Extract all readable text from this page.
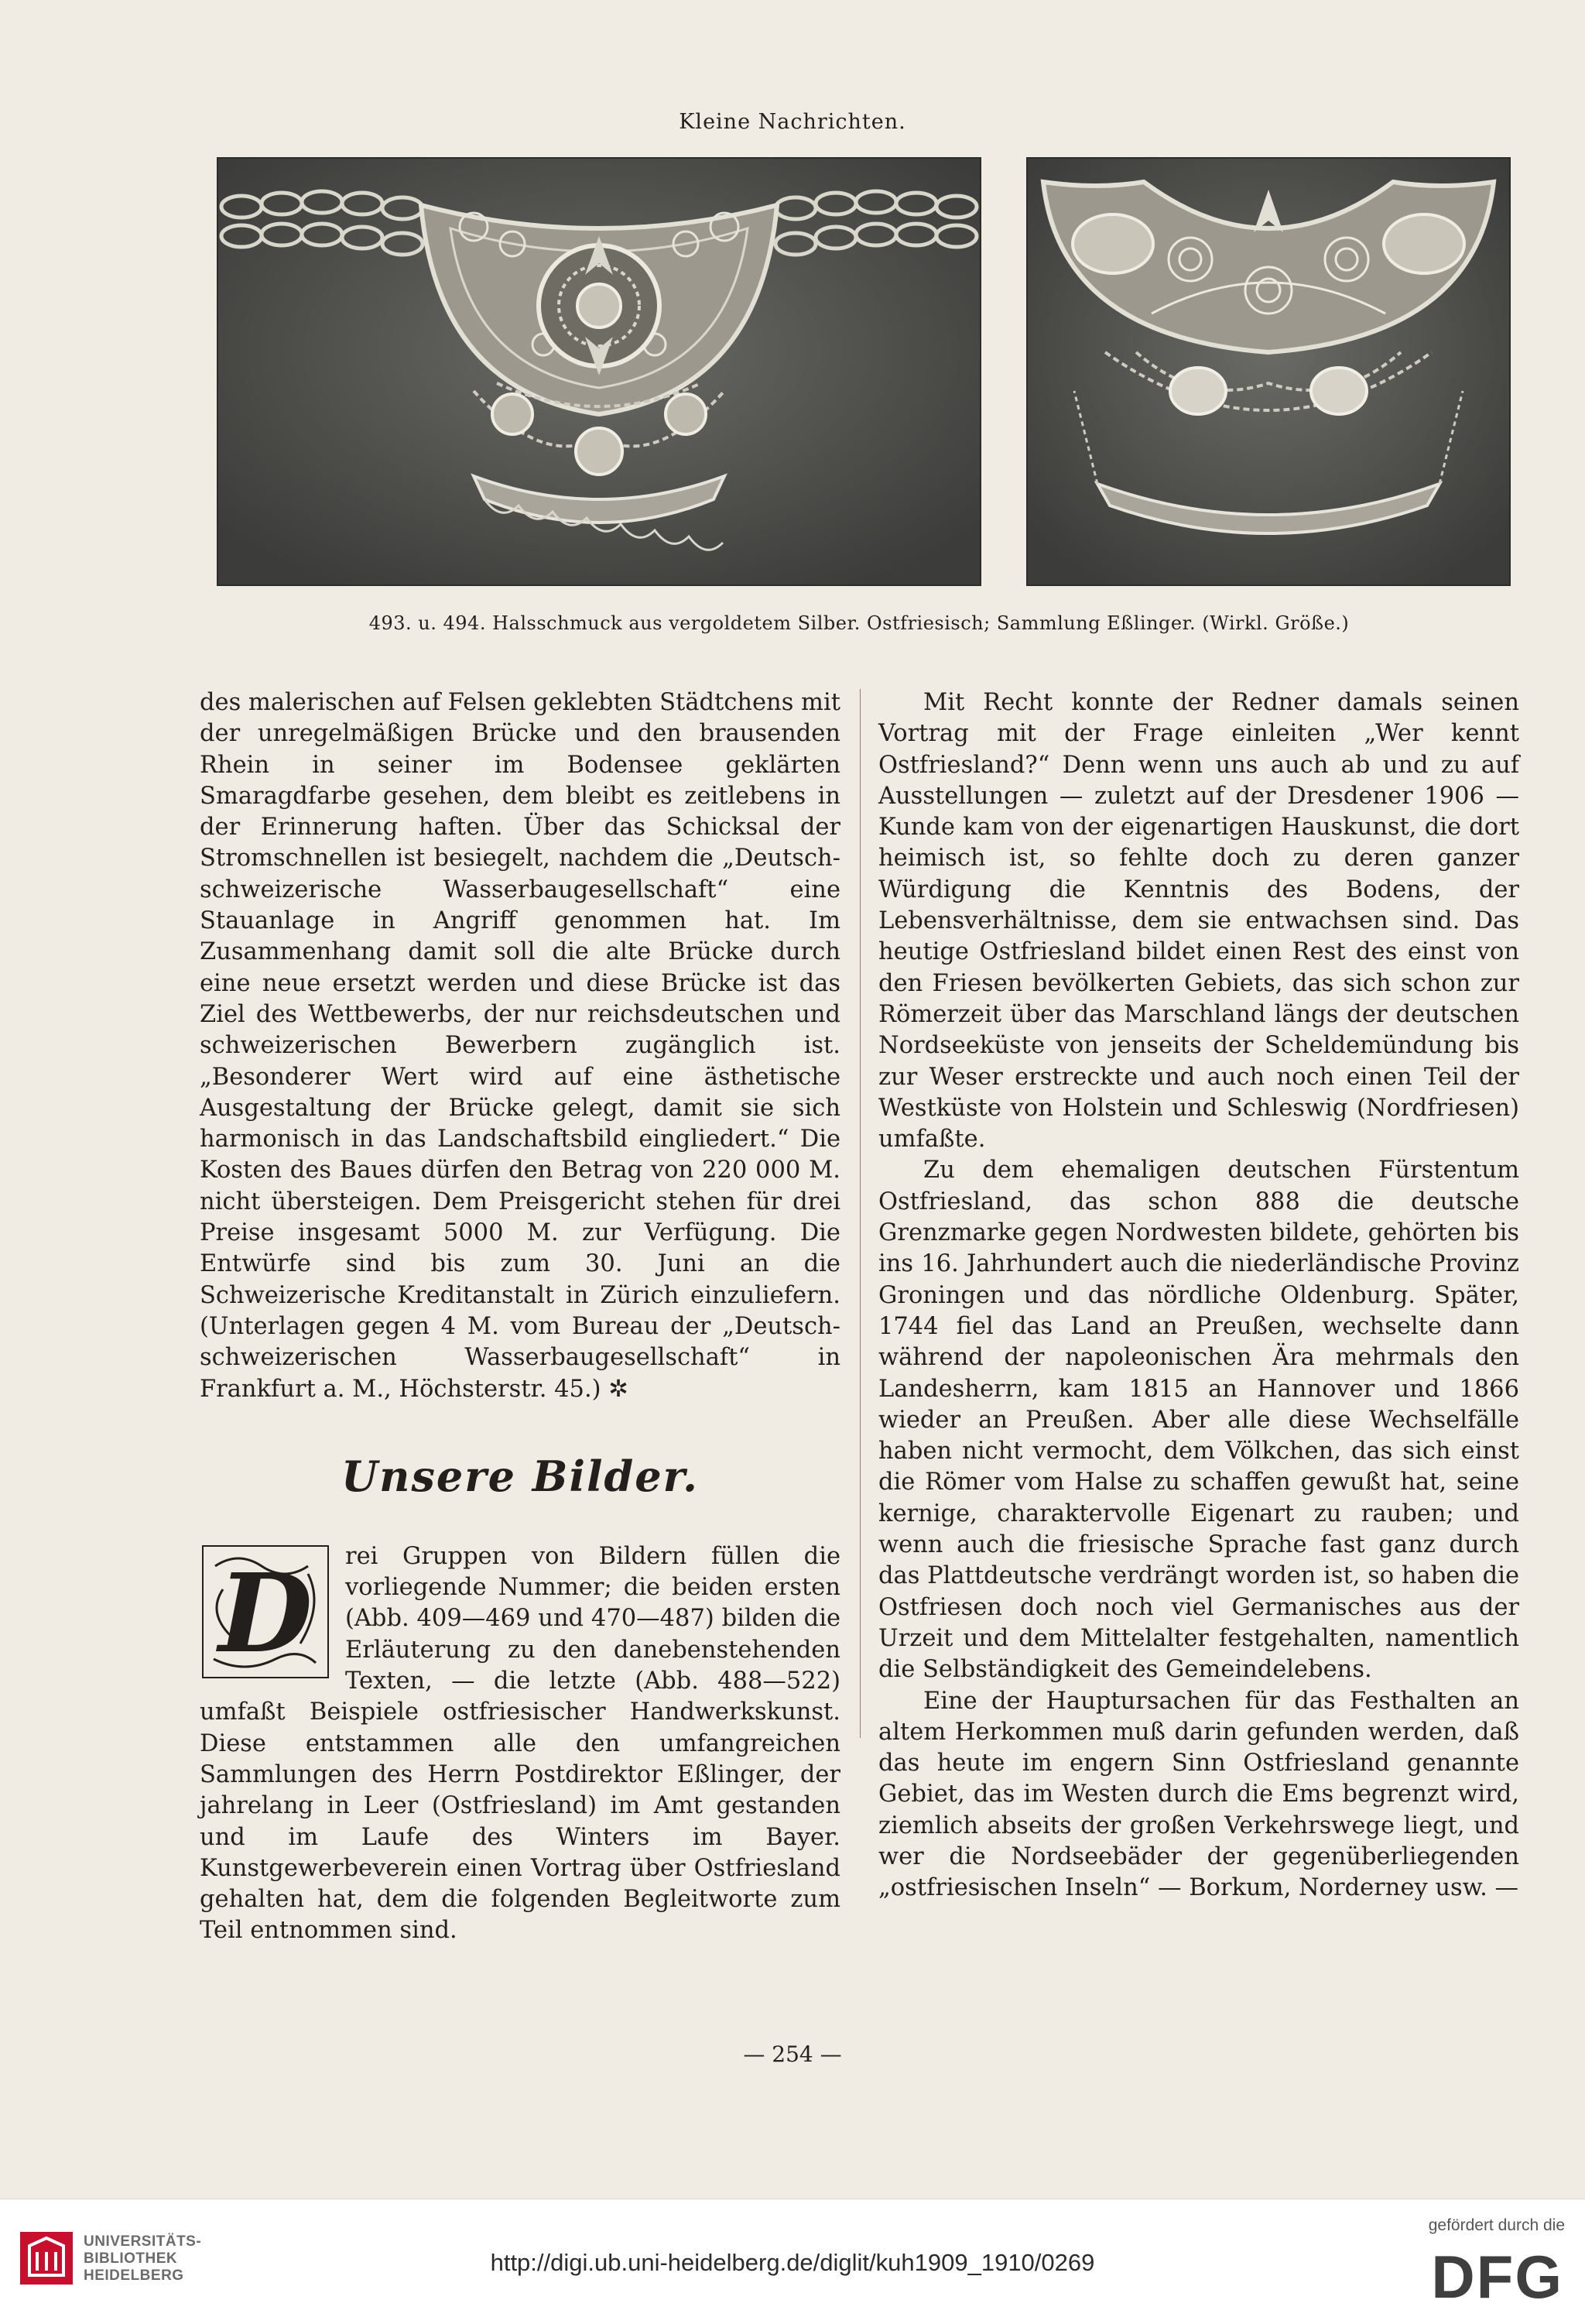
Kleine Nachrichten.
493. u. 494. Halsschmuck aus vergoldetem Silber. Ostfriesisch; Sammlung Eßlinger. (Wirkl. Größe.)

des malerischen auf Felsen geklebten Städtchens mit der unregelmäßigen Brücke und den brausenden Rhein in seiner im Bodensee geklärten Smaragdfarbe gesehen, dem bleibt es zeitlebens in der Erinnerung haften. Über das Schicksal der Stromschnellen ist besiegelt, nachdem die „Deutsch-schweizerische Wasserbaugesellschaft“ eine Stauanlage in Angriff genommen hat. Im Zusammenhang damit soll die alte Brücke durch eine neue ersetzt werden und diese Brücke ist das Ziel des Wettbewerbs, der nur reichsdeutschen und schweizerischen Bewerbern zugänglich ist. „Besonderer Wert wird auf eine ästhetische Ausgestaltung der Brücke gelegt, damit sie sich harmonisch in das Landschaftsbild eingliedert.“ Die Kosten des Baues dürfen den Betrag von 220 000 M. nicht übersteigen. Dem Preisgericht stehen für drei Preise insgesamt 5000 M. zur Verfügung. Die Entwürfe sind bis zum 30. Juni an die Schweizerische Kreditanstalt in Zürich einzuliefern. (Unterlagen gegen 4 M. vom Bureau der „Deutsch-schweizerischen Wasserbaugesellschaft“ in Frankfurt a. M., Höchsterstr. 45.) ✲

Unsere Bilder.

D rei Gruppen von Bildern füllen die vorliegende Nummer; die beiden ersten (Abb. 409—469 und 470—487) bilden die Erläuterung zu den danebenstehenden Texten, — die letzte (Abb. 488—522) umfaßt Beispiele ostfriesischer Handwerkskunst. Diese entstammen alle den umfangreichen Sammlungen des Herrn Postdirektor Eßlinger, der jahrelang in Leer (Ostfriesland) im Amt gestanden und im Laufe des Winters im Bayer. Kunstgewerbeverein einen Vortrag über Ostfriesland gehalten hat, dem die folgenden Begleitworte zum Teil entnommen sind.

Mit Recht konnte der Redner damals seinen Vortrag mit der Frage einleiten „Wer kennt Ostfriesland?“ Denn wenn uns auch ab und zu auf Ausstellungen — zuletzt auf der Dresdener 1906 — Kunde kam von der eigenartigen Hauskunst, die dort heimisch ist, so fehlte doch zu deren ganzer Würdigung die Kenntnis des Bodens, der Lebensverhältnisse, dem sie entwachsen sind. Das heutige Ostfriesland bildet einen Rest des einst von den Friesen bevölkerten Gebiets, das sich schon zur Römerzeit über das Marschland längs der deutschen Nordseeküste von jenseits der Scheldemündung bis zur Weser erstreckte und auch noch einen Teil der Westküste von Holstein und Schleswig (Nordfriesen) umfaßte.

Zu dem ehemaligen deutschen Fürstentum Ostfriesland, das schon 888 die deutsche Grenzmarke gegen Nordwesten bildete, gehörten bis ins 16. Jahrhundert auch die niederländische Provinz Groningen und das nördliche Oldenburg. Später, 1744 fiel das Land an Preußen, wechselte dann während der napoleonischen Ära mehrmals den Landesherrn, kam 1815 an Hannover und 1866 wieder an Preußen. Aber alle diese Wechselfälle haben nicht vermocht, dem Völkchen, das sich einst die Römer vom Halse zu schaffen gewußt hat, seine kernige, charaktervolle Eigenart zu rauben; und wenn auch die friesische Sprache fast ganz durch das Plattdeutsche verdrängt worden ist, so haben die Ostfriesen doch noch viel Germanisches aus der Urzeit und dem Mittelalter festgehalten, namentlich die Selbständigkeit des Gemeindelebens.

Eine der Hauptursachen für das Festhalten an altem Herkommen muß darin gefunden werden, daß das heute im engern Sinn Ostfriesland genannte Gebiet, das im Westen durch die Ems begrenzt wird, ziemlich abseits der großen Verkehrswege liegt, und wer die Nordseebäder der gegenüberliegenden „ostfriesischen Inseln“ — Borkum, Norderney usw. —

— 254 —
UNIVERSITÄTS-
BIBLIOTHEK
HEIDELBERG	http://digi.ub.uni-heidelberg.de/diglit/kuh1909_1910/0269
gefördert durch die
DFG
